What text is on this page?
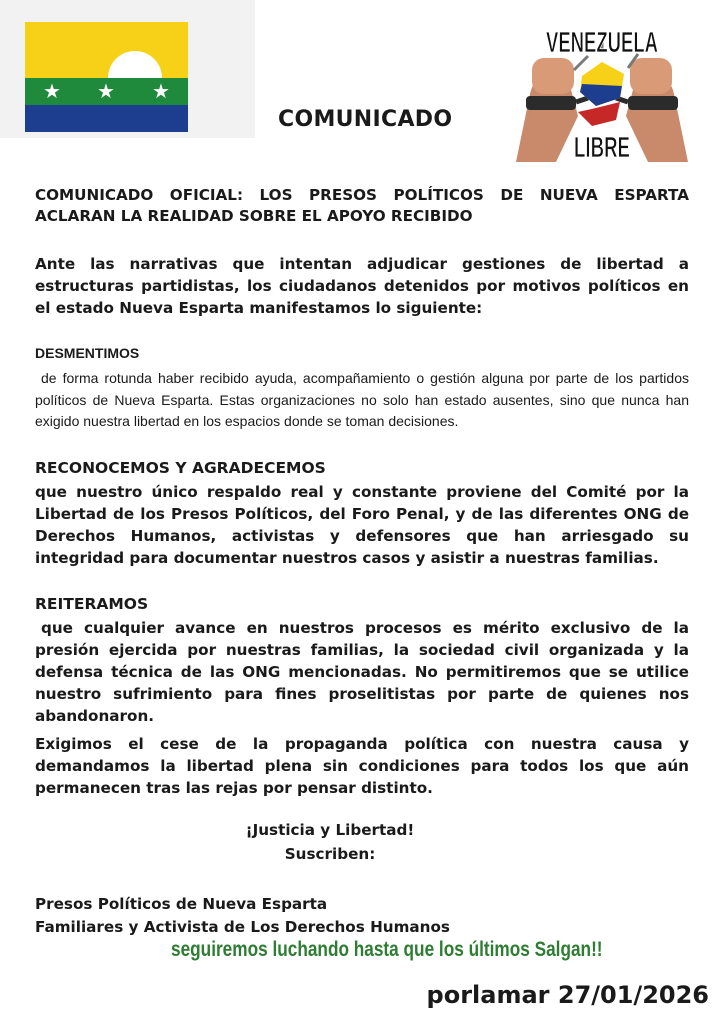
★ ★ ★
VENEZUELA
LIBRE
COMUNICADO

COMUNICADO OFICIAL: LOS PRESOS POLÍTICOS DE NUEVA ESPARTA ACLARAN LA REALIDAD SOBRE EL APOYO RECIBIDO

Ante las narrativas que intentan adjudicar gestiones de libertad a estructuras partidistas, los ciudadanos detenidos por motivos políticos en el estado Nueva Esparta manifestamos lo siguiente:

DESMENTIMOS

de forma rotunda haber recibido ayuda, acompañamiento o gestión alguna por parte de los partidos políticos de Nueva Esparta. Estas organizaciones no solo han estado ausentes, sino que nunca han exigido nuestra libertad en los espacios donde se toman decisiones.

RECONOCEMOS Y AGRADECEMOS

que nuestro único respaldo real y constante proviene del Comité por la Libertad de los Presos Políticos, del Foro Penal, y de las diferentes ONG de Derechos Humanos, activistas y defensores que han arriesgado su integridad para documentar nuestros casos y asistir a nuestras familias.

REITERAMOS

que cualquier avance en nuestros procesos es mérito exclusivo de la presión ejercida por nuestras familias, la sociedad civil organizada y la defensa técnica de las ONG mencionadas. No permitiremos que se utilice nuestro sufrimiento para fines proselitistas por parte de quienes nos abandonaron.

Exigimos el cese de la propaganda política con nuestra causa y demandamos la libertad plena sin condiciones para todos los que aún permanecen tras las rejas por pensar distinto.

¡Justicia y Libertad!
Suscriben:

Presos Políticos de Nueva Esparta

Familiares y Activista de Los Derechos Humanos

seguiremos luchando hasta que los últimos Salgan!!
porlamar 27/01/2026
